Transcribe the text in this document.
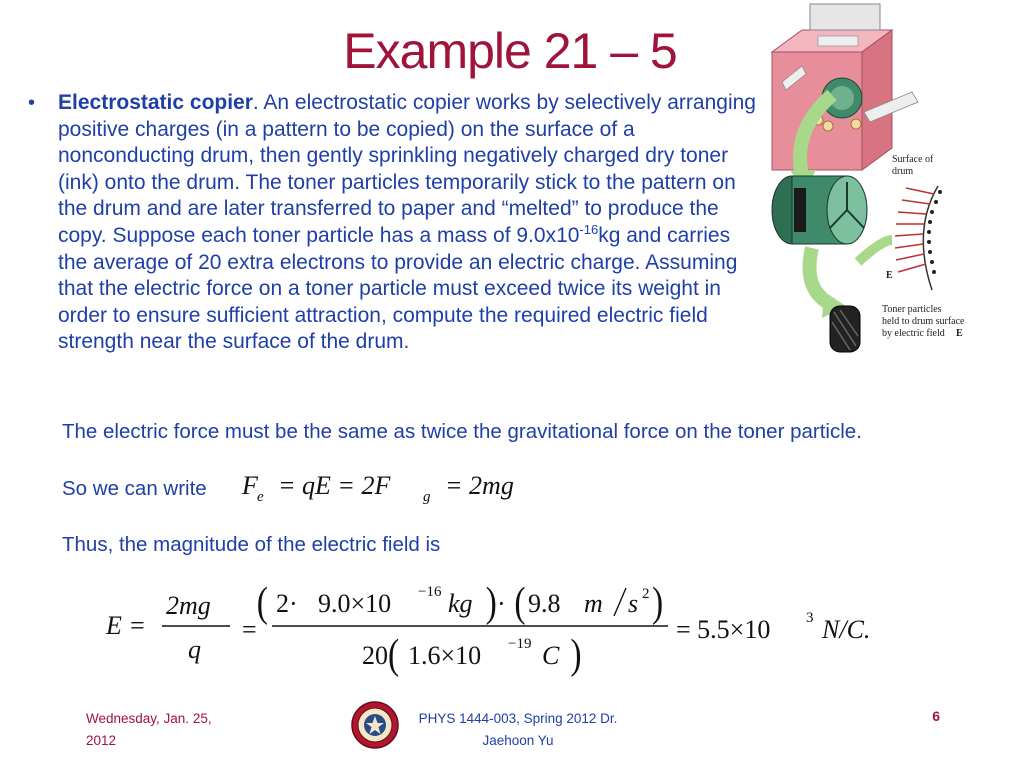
Example 21 – 5
• Electrostatic copier. An electrostatic copier works by selectively arranging positive charges (in a pattern to be copied) on the surface of a nonconducting drum, then gently sprinkling negatively charged dry toner (ink) onto the drum. The toner particles temporarily stick to the pattern on the drum and are later transferred to paper and “melted” to produce the copy. Suppose each toner particle has a mass of $9.0x10^{-16}kg$ and carries the average of 20 extra electrons to provide an electric charge. Assuming that the electric force on a toner particle must exceed twice its weight in order to ensure sufficient attraction, compute the required electric field strength near the surface of the drum.
The electric force must be the same as twice the gravitational force on the toner particle.
So we can write
Thus, the magnitude of the electric field is
F e = qE = 2F g = 2mg
E =
2mg
q
=
2·
( 9.0×10 −16 kg ) · ( 9.8 m s 2 )
20 ( 1.6×10 −19 C )
= 5.5×10 3 N/C.
Surface of
drum
E
Toner particles
held to drum surface
by electric field E
Wednesday, Jan. 25,
2012
PHYS 1444-003, Spring 2012 Dr.
Jaehoon Yu
6
